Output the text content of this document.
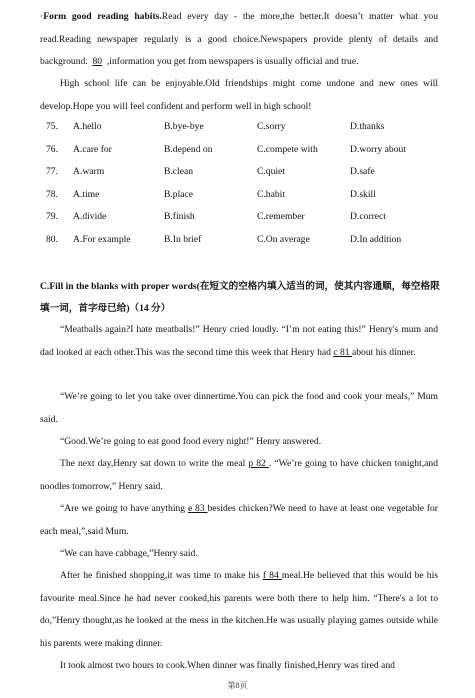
·Form good reading habits.Read every day - the more,the better.It doesn’t matter what you read.Reading newspaper regularly is a good choice.Newspapers provide plenty of details and background. 80 ,information you get from newspapers is usually official and true.
High school life can be enjoyable.Old friendships might come undone and new ones will develop.Hope you will feel confident and perform well in high school!
75. A.hello	B.bye-bye	C.sorry	D.thanks
76. A.care for	B.depend on	C.compete with	D.worry about
77. A.warm	B.clean	C.quiet	D.safe
78. A.time	B.place	C.habit	D.skill
79. A.divide	B.finish	C.remember	D.correct
80. A.For example	B.In brief	C.On average	D.In addition
C.Fill in the blanks with proper words(在短文的空格内填入适当的词，使其内容通顺，每空格限填一词，首字母已给)（14 分）
“Meatballs again?I hate meatballs!” Henry cried loudly. “I’m not eating this!” Henry's mum and dad looked at each other.This was the second time this week that Henry had c 81 about his dinner.
“We’re going to let you take over dinnertime.You can pick the food and cook your meals,” Mum said.
“Good.We’re going to eat good food every night!” Henry answered.
The next day,Henry sat down to write the meal p 82 . “We’re going to have chicken tonight,and noodles tomorrow,” Henry said.
“Are we going to have anything e 83 besides chicken?We need to have at least one vegetable for each meal,”,said Mum.
“We can have cabbage,”Henry said.
After he finished shopping,it was time to make his f 84 meal.He believed that this would be his favourite meal.Since he had never cooked,his parents were both there to help him. “There's a lot to do,”Henry thought,as he looked at the mess in the kitchen.He was usually playing games outside while his parents were making dinner.
It took almost two hours to cook.When dinner was finally finished,Henry was tired and
第8页
